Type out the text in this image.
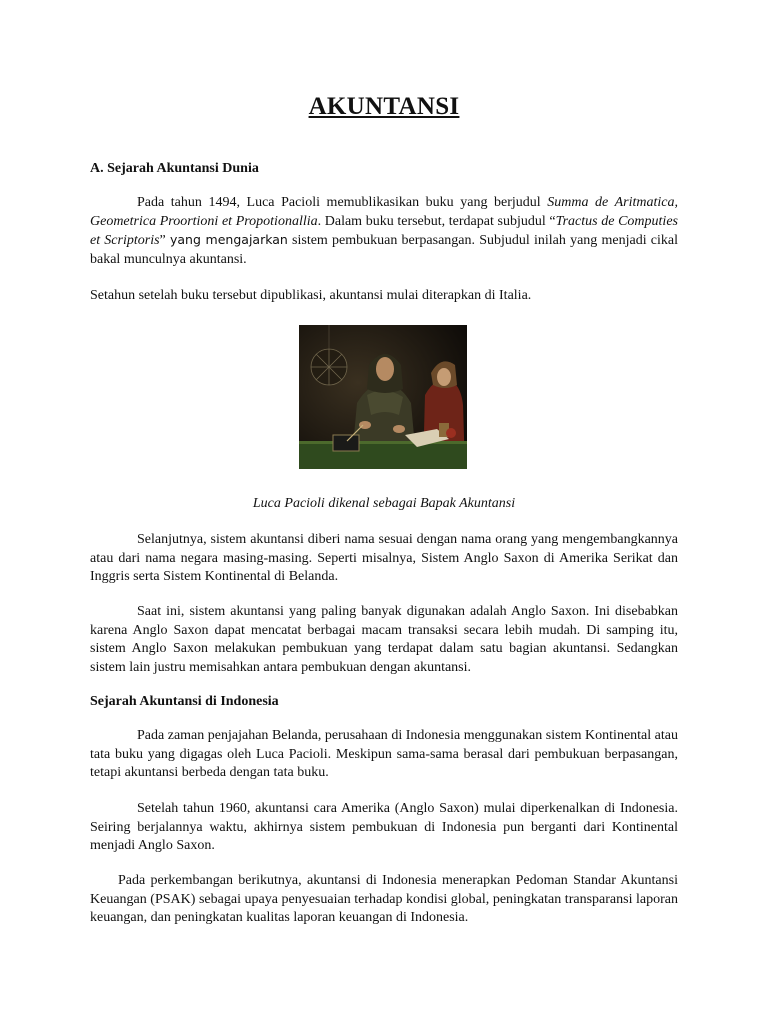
AKUNTANSI

A. Sejarah Akuntansi Dunia

Pada tahun 1494, Luca Pacioli memublikasikan buku yang berjudul Summa de Aritmatica, Geometrica Proortioni et Propotionallia. Dalam buku tersebut, terdapat subjudul “Tractus de Computies et Scriptoris” yang mengajarkan sistem pembukuan berpasangan. Subjudul inilah yang menjadi cikal bakal munculnya akuntansi.

Setahun setelah buku tersebut dipublikasi, akuntansi mulai diterapkan di Italia.

Luca Pacioli dikenal sebagai Bapak Akuntansi

Selanjutnya, sistem akuntansi diberi nama sesuai dengan nama orang yang mengembangkannya atau dari nama negara masing-masing. Seperti misalnya, Sistem Anglo Saxon di Amerika Serikat dan Inggris serta Sistem Kontinental di Belanda.

Saat ini, sistem akuntansi yang paling banyak digunakan adalah Anglo Saxon. Ini disebabkan karena Anglo Saxon dapat mencatat berbagai macam transaksi secara lebih mudah. Di samping itu, sistem Anglo Saxon melakukan pembukuan yang terdapat dalam satu bagian akuntansi. Sedangkan sistem lain justru memisahkan antara pembukuan dengan akuntansi.

Sejarah Akuntansi di Indonesia

Pada zaman penjajahan Belanda, perusahaan di Indonesia menggunakan sistem Kontinental atau tata buku yang digagas oleh Luca Pacioli. Meskipun sama-sama berasal dari pembukuan berpasangan, tetapi akuntansi berbeda dengan tata buku.

Setelah tahun 1960, akuntansi cara Amerika (Anglo Saxon) mulai diperkenalkan di Indonesia. Seiring berjalannya waktu, akhirnya sistem pembukuan di Indonesia pun berganti dari Kontinental menjadi Anglo Saxon.

Pada perkembangan berikutnya, akuntansi di Indonesia menerapkan Pedoman Standar Akuntansi Keuangan (PSAK) sebagai upaya penyesuaian terhadap kondisi global, peningkatan transparansi laporan keuangan, dan peningkatan kualitas laporan keuangan di Indonesia.
